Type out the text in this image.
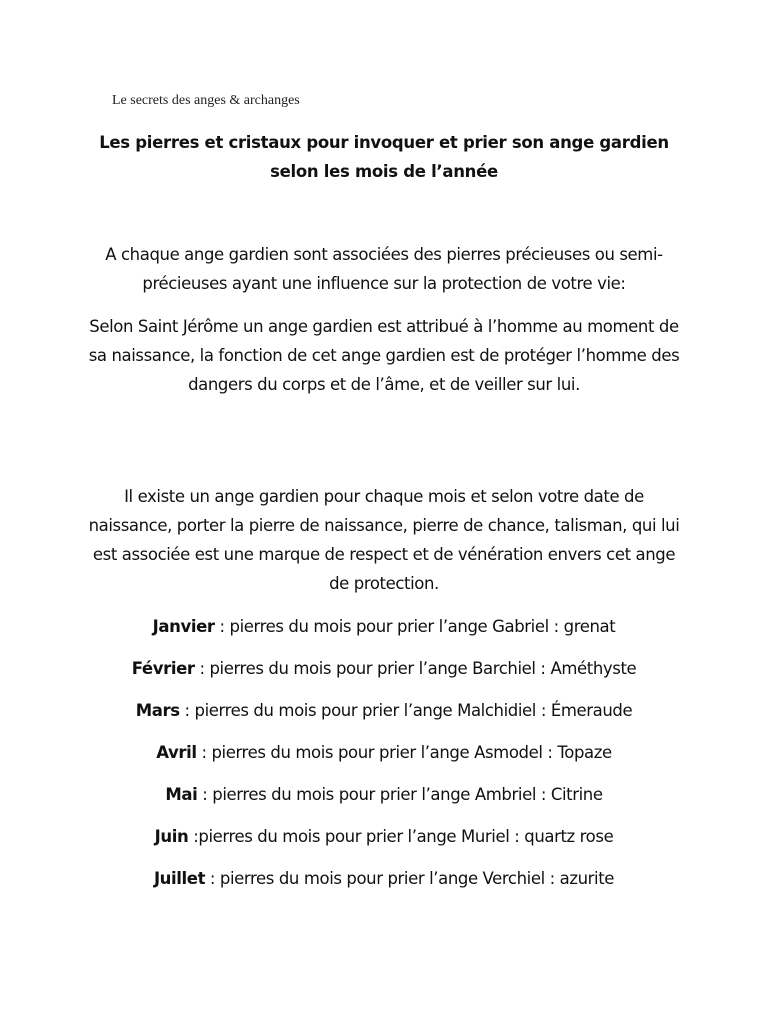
Le secrets des anges & archanges
Les pierres et cristaux pour invoquer et prier son ange gardien selon les mois de l’année
A chaque ange gardien sont associées des pierres précieuses ou semi-précieuses ayant une influence sur la protection de votre vie:
Selon Saint Jérôme un ange gardien est attribué à l’homme au moment de sa naissance, la fonction de cet ange gardien est de protéger l’homme des dangers du corps et de l’âme, et de veiller sur lui.
Il existe un ange gardien pour chaque mois et selon votre date de naissance, porter la pierre de naissance, pierre de chance, talisman, qui lui est associée est une marque de respect et de vénération envers cet ange de protection.
Janvier : pierres du mois pour prier l’ange Gabriel : grenat
Février : pierres du mois pour prier l’ange Barchiel : Améthyste
Mars : pierres du mois pour prier l’ange Malchidiel : Émeraude
Avril : pierres du mois pour prier l’ange Asmodel : Topaze
Mai : pierres du mois pour prier l’ange Ambriel : Citrine
Juin :pierres du mois pour prier l’ange Muriel : quartz rose
Juillet : pierres du mois pour prier l’ange Verchiel : azurite
